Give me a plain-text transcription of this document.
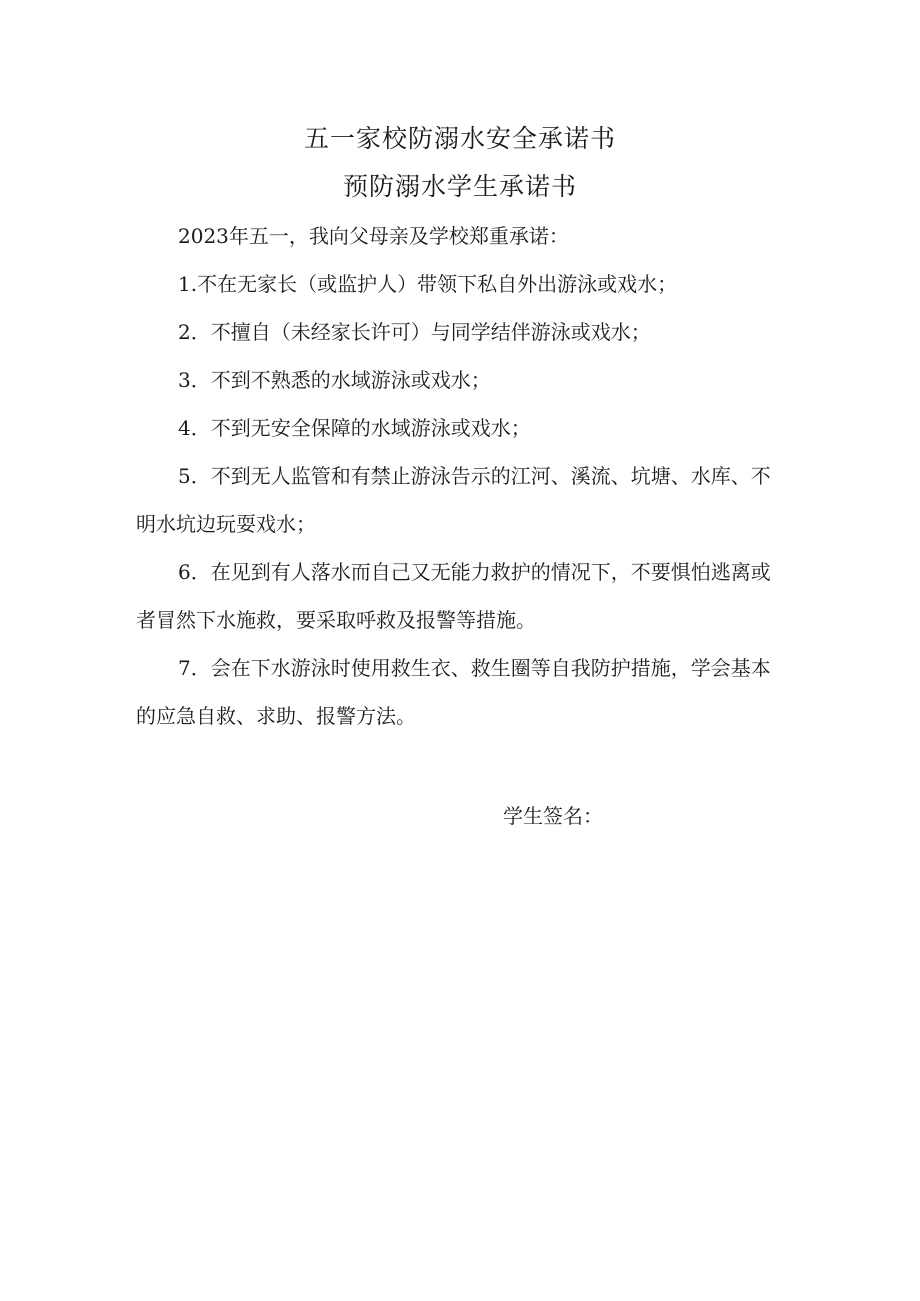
五一家校防溺水安全承诺书
预防溺水学生承诺书

2023年五一，我向父母亲及学校郑重承诺：

1.不在无家长（或监护人）带领下私自外出游泳或戏水；

2．不擅自（未经家长许可）与同学结伴游泳或戏水；

3．不到不熟悉的水域游泳或戏水；

4．不到无安全保障的水域游泳或戏水；

5．不到无人监管和有禁止游泳告示的江河、溪流、坑塘、水库、不明水坑边玩耍戏水；

6．在见到有人落水而自己又无能力救护的情况下，不要惧怕逃离或者冒然下水施救，要采取呼救及报警等措施。

7．会在下水游泳时使用救生衣、救生圈等自我防护措施，学会基本的应急自救、求助、报警方法。

学生签名：
